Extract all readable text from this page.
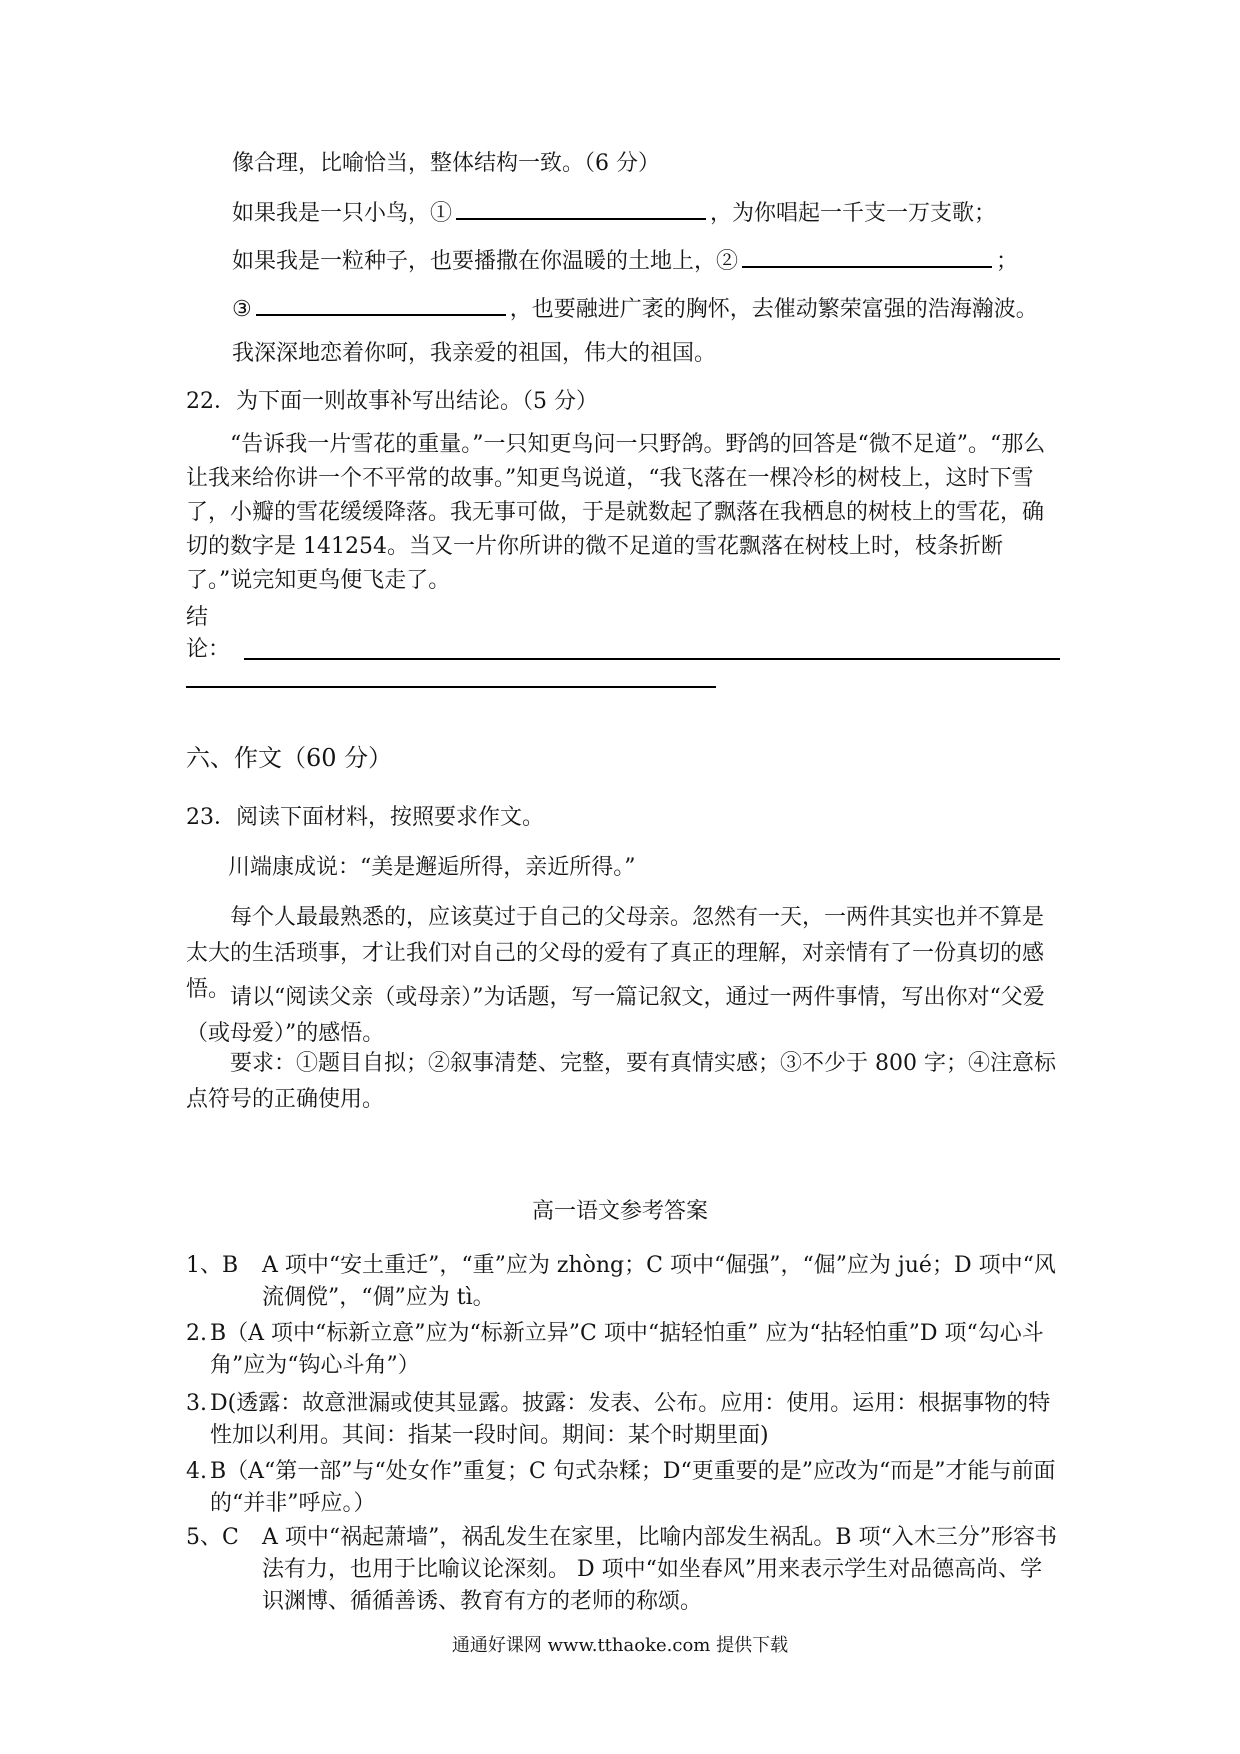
像合理，比喻恰当，整体结构一致。（6 分）
如果我是一只小鸟，①	，为你唱起一千支一万支歌；
如果我是一粒种子，也要播撒在你温暖的土地上，②	；
③	，也要融进广袤的胸怀，去催动繁荣富强的浩海瀚波。
我深深地恋着你呵，我亲爱的祖国，伟大的祖国。
22．为下面一则故事补写出结论。（5 分）
“告诉我一片雪花的重量。”一只知更鸟问一只野鸽。野鸽的回答是“微不足道”。“那么让我来给你讲一个不平常的故事。”知更鸟说道，“我飞落在一棵冷杉的树枝上，这时下雪了，小瓣的雪花缓缓降落。我无事可做，于是就数起了飘落在我栖息的树枝上的雪花，确切的数字是 141254。当又一片你所讲的微不足道的雪花飘落在树枝上时，枝条折断了。”说完知更鸟便飞走了。
结
论：
六、作文（60 分）
23．阅读下面材料，按照要求作文。
川端康成说：“美是邂逅所得，亲近所得。”
每个人最最熟悉的，应该莫过于自己的父母亲。忽然有一天，一两件其实也并不算是太大的生活琐事，才让我们对自己的父母的爱有了真正的理解，对亲情有了一份真切的感悟。 请以“阅读父亲（或母亲）”为话题，写一篇记叙文，通过一两件事情，写出你对“父爱（或母爱）”的感悟。
要求：①题目自拟；②叙事清楚、完整，要有真情实感；③不少于 800 字；④注意标点符号的正确使用。
高一语文参考答案
1、B A 项中“安土重迁”，“重”应为 zhòng；C 项中“倔强”，“倔”应为 jué；D 项中“风流倜傥”，“倜”应为 tì。
2.B（A 项中“标新立意”应为“标新立异”C 项中“掂轻怕重” 应为“拈轻怕重”D 项“勾心斗角”应为“钩心斗角”）
3.D(透露：故意泄漏或使其显露。披露：发表、公布。应用：使用。运用：根据事物的特性加以利用。其间：指某一段时间。期间：某个时期里面)
4.B（A“第一部”与“处女作”重复；C 句式杂糅；D“更重要的是”应改为“而是”才能与前面的“并非”呼应。）
5、C A 项中“祸起萧墙”，祸乱发生在家里，比喻内部发生祸乱。B 项“入木三分”形容书法有力，也用于比喻议论深刻。 D 项中“如坐春风”用来表示学生对品德高尚、学识渊博、循循善诱、教育有方的老师的称颂。
通通好课网 www.tthaoke.com 提供下载
